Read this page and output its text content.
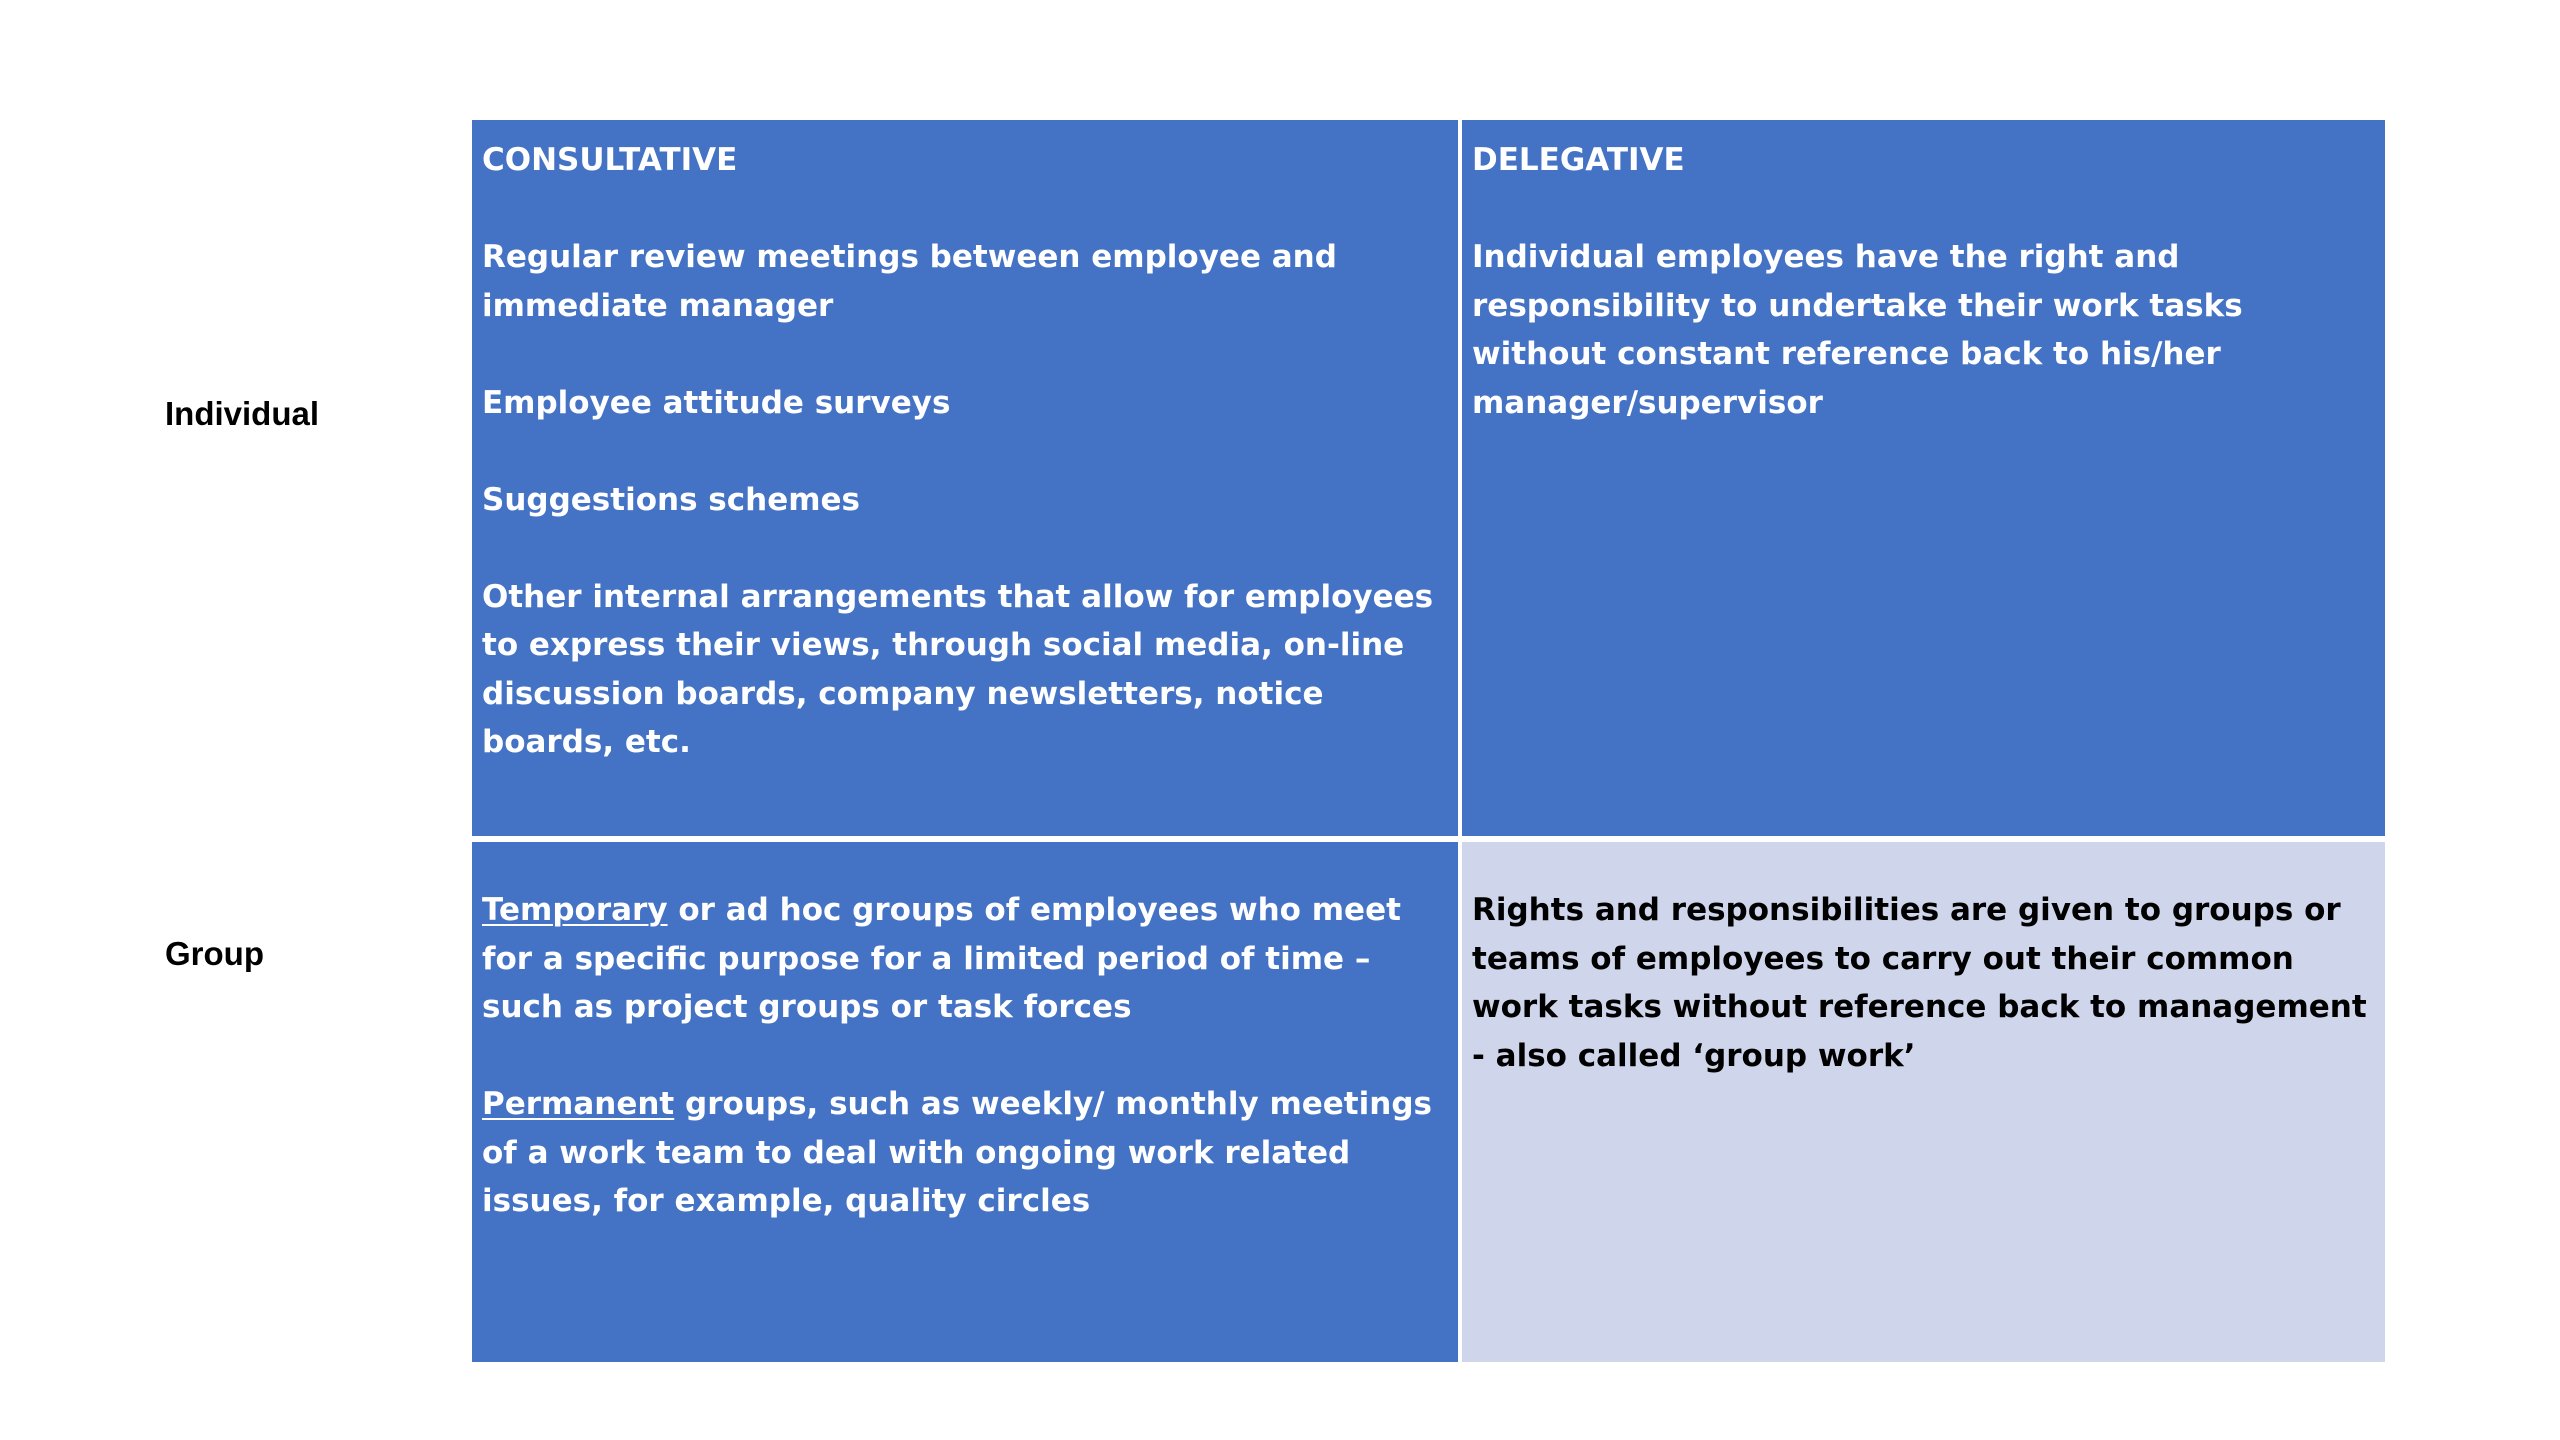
Individual
Group
CONSULTATIVE

Regular review meetings between employee and immediate manager

Employee attitude surveys

Suggestions schemes

Other internal arrangements that allow for employees to express their views, through social media, on-line discussion boards, company newsletters, notice boards, etc.

DELEGATIVE

Individual employees have the right and responsibility to undertake their work tasks without constant reference back to his/her manager/supervisor

Temporary or ad hoc groups of employees who meet for a specific purpose for a limited period of time – such as project groups or task forces

Permanent groups, such as weekly/ monthly meetings of a work team to deal with ongoing work related issues, for example, quality circles

Rights and responsibilities are given to groups or teams of employees to carry out their common work tasks without reference back to management - also called ‘group work’
